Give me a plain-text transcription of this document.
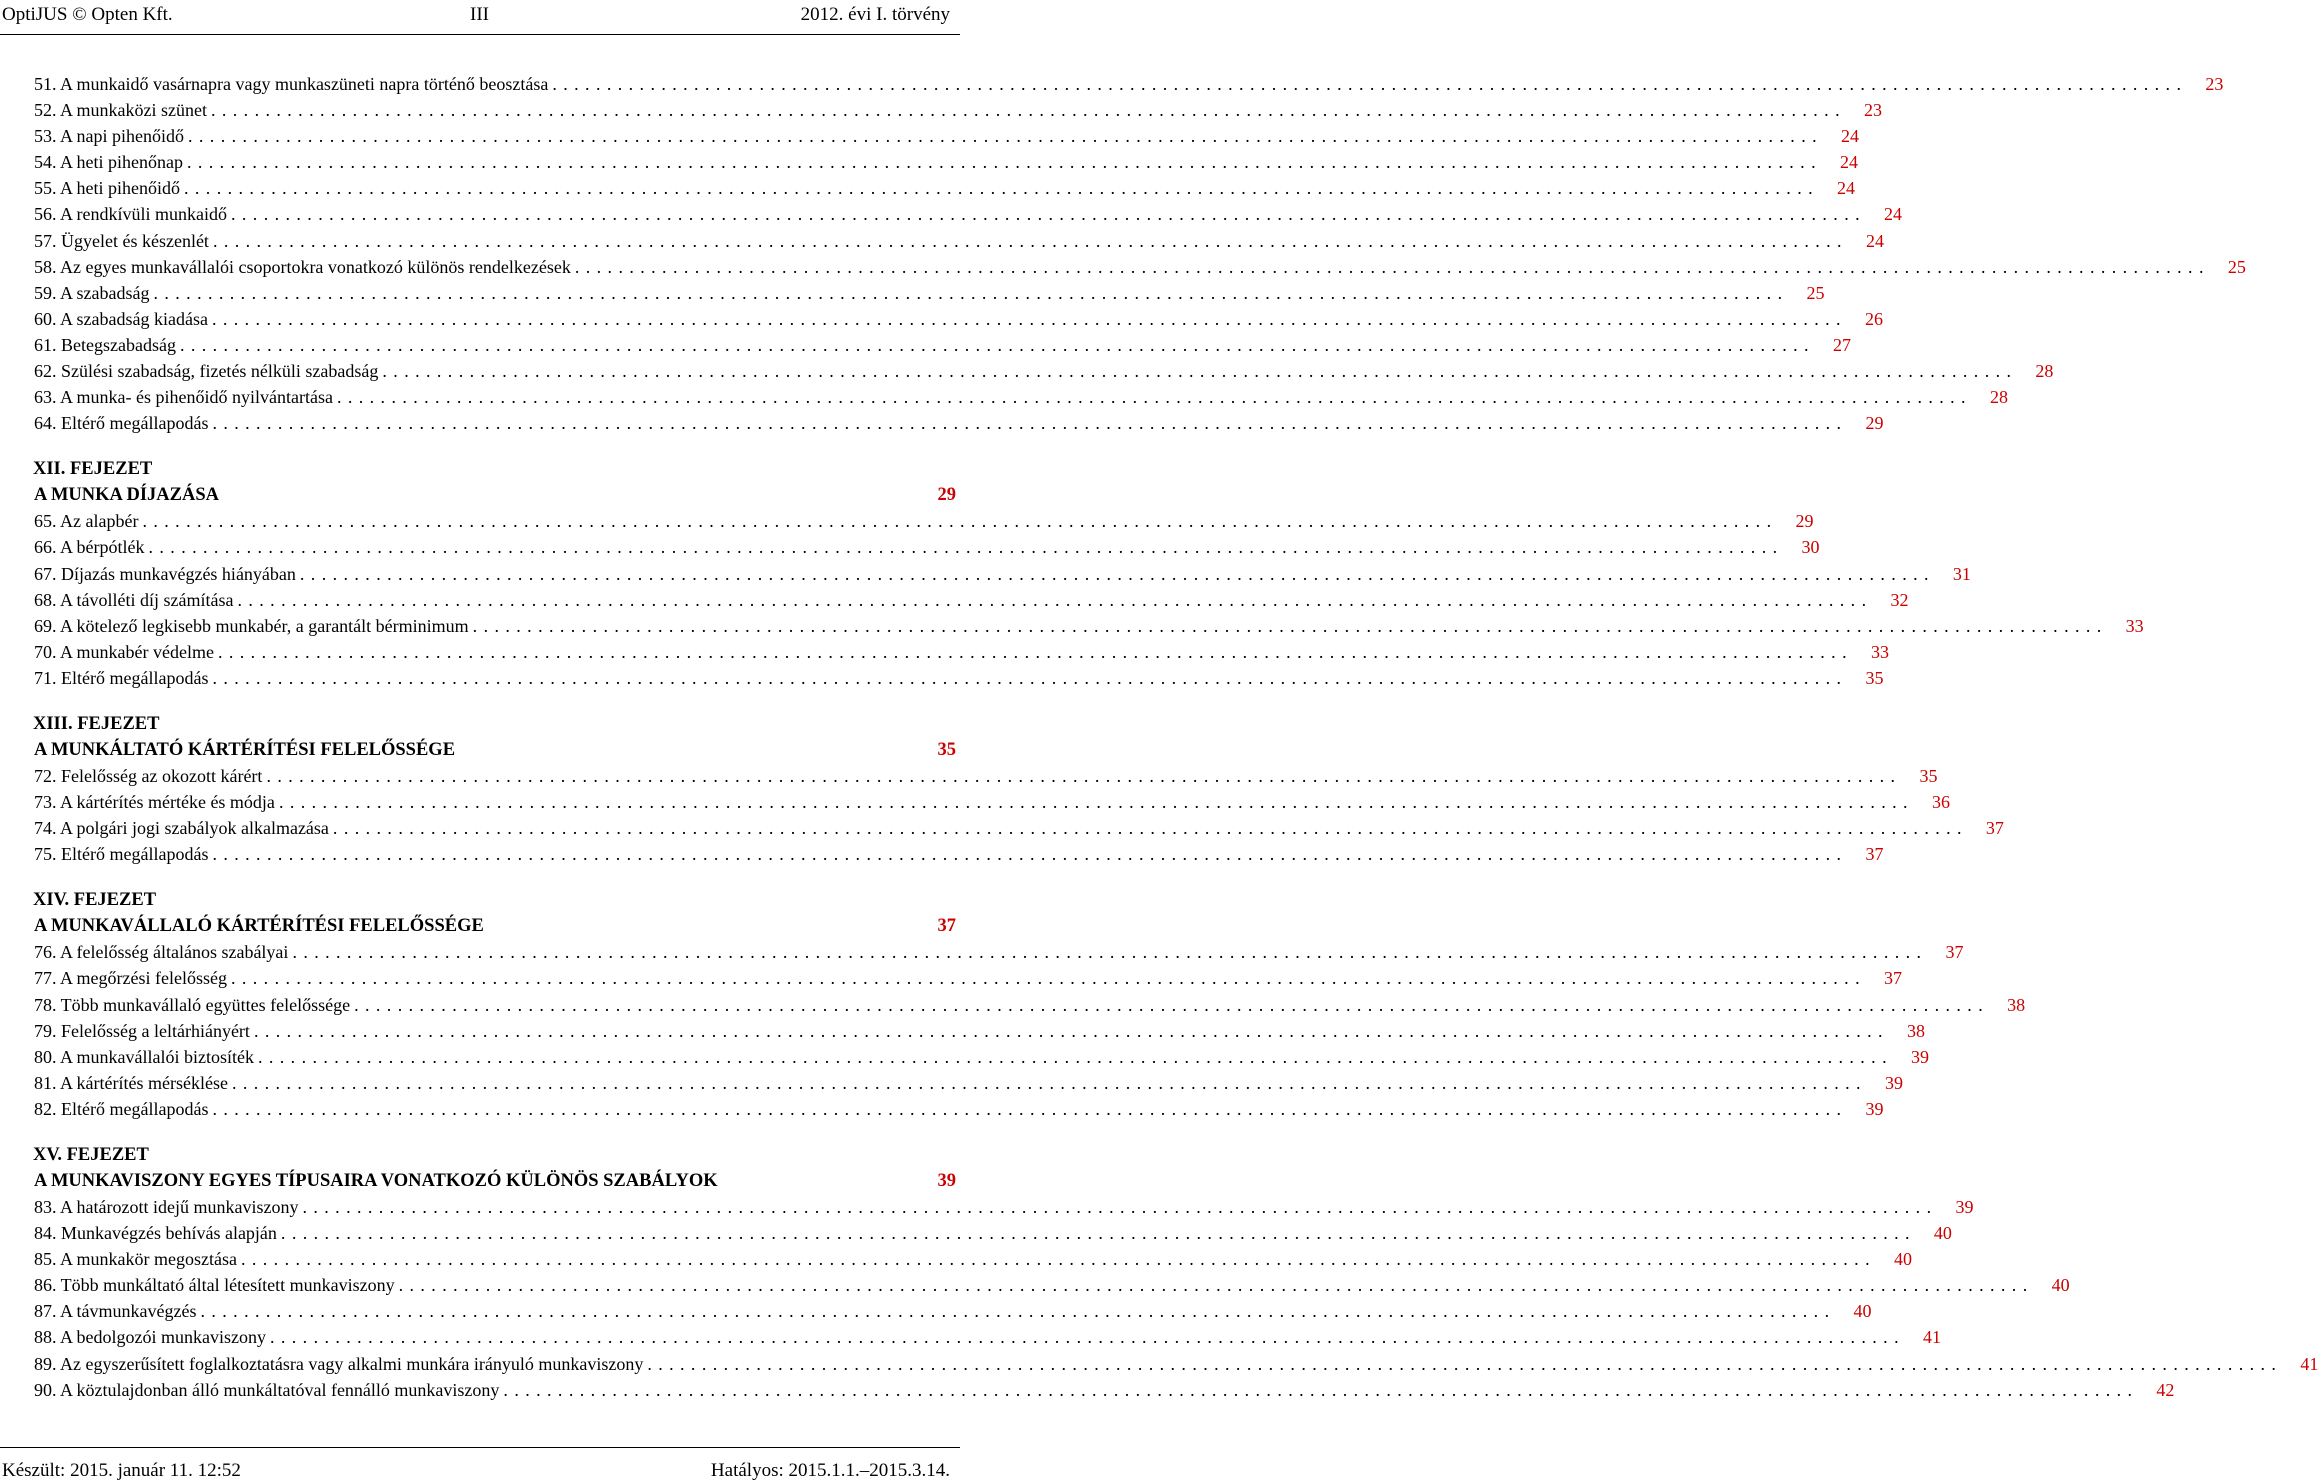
OptiJUS © Opten Kft.	III	2012. évi I. törvény
51. A munkaidő vasárnapra vagy munkaszüneti napra történő beosztása ......................................................................................................................................................	23
52. A munkaközi szünet ......................................................................................................................................................	23
53. A napi pihenőidő ......................................................................................................................................................	24
54. A heti pihenőnap ......................................................................................................................................................	24
55. A heti pihenőidő ......................................................................................................................................................	24
56. A rendkívüli munkaidő ......................................................................................................................................................	24
57. Ügyelet és készenlét ......................................................................................................................................................	24
58. Az egyes munkavállalói csoportokra vonatkozó különös rendelkezések ......................................................................................................................................................	25
59. A szabadság ......................................................................................................................................................	25
60. A szabadság kiadása ......................................................................................................................................................	26
61. Betegszabadság ......................................................................................................................................................	27
62. Szülési szabadság, fizetés nélküli szabadság ......................................................................................................................................................	28
63. A munka- és pihenőidő nyilvántartása ......................................................................................................................................................	28
64. Eltérő megállapodás ......................................................................................................................................................	29
XII. FEJEZET
A MUNKA DÍJAZÁSA	29
65. Az alapbér ......................................................................................................................................................	29
66. A bérpótlék ......................................................................................................................................................	30
67. Díjazás munkavégzés hiányában ......................................................................................................................................................	31
68. A távolléti díj számítása ......................................................................................................................................................	32
69. A kötelező legkisebb munkabér, a garantált bérminimum ......................................................................................................................................................	33
70. A munkabér védelme ......................................................................................................................................................	33
71. Eltérő megállapodás ......................................................................................................................................................	35
XIII. FEJEZET
A MUNKÁLTATÓ KÁRTÉRÍTÉSI FELELŐSSÉGE	35
72. Felelősség az okozott kárért ......................................................................................................................................................	35
73. A kártérítés mértéke és módja ......................................................................................................................................................	36
74. A polgári jogi szabályok alkalmazása ......................................................................................................................................................	37
75. Eltérő megállapodás ......................................................................................................................................................	37
XIV. FEJEZET
A MUNKAVÁLLALÓ KÁRTÉRÍTÉSI FELELŐSSÉGE	37
76. A felelősség általános szabályai ......................................................................................................................................................	37
77. A megőrzési felelősség ......................................................................................................................................................	37
78. Több munkavállaló együttes felelőssége ......................................................................................................................................................	38
79. Felelősség a leltárhiányért ......................................................................................................................................................	38
80. A munkavállalói biztosíték ......................................................................................................................................................	39
81. A kártérítés mérséklése ......................................................................................................................................................	39
82. Eltérő megállapodás ......................................................................................................................................................	39
XV. FEJEZET
A MUNKAVISZONY EGYES TÍPUSAIRA VONATKOZÓ KÜLÖNÖS SZABÁLYOK	39
83. A határozott idejű munkaviszony ......................................................................................................................................................	39
84. Munkavégzés behívás alapján ......................................................................................................................................................	40
85. A munkakör megosztása ......................................................................................................................................................	40
86. Több munkáltató által létesített munkaviszony ......................................................................................................................................................	40
87. A távmunkavégzés ......................................................................................................................................................	40
88. A bedolgozói munkaviszony ......................................................................................................................................................	41
89. Az egyszerűsített foglalkoztatásra vagy alkalmi munkára irányuló munkaviszony ......................................................................................................................................................	41
90. A köztulajdonban álló munkáltatóval fennálló munkaviszony ......................................................................................................................................................	42
Készült: 2015. január 11. 12:52	Hatályos: 2015.1.1.–2015.3.14.
